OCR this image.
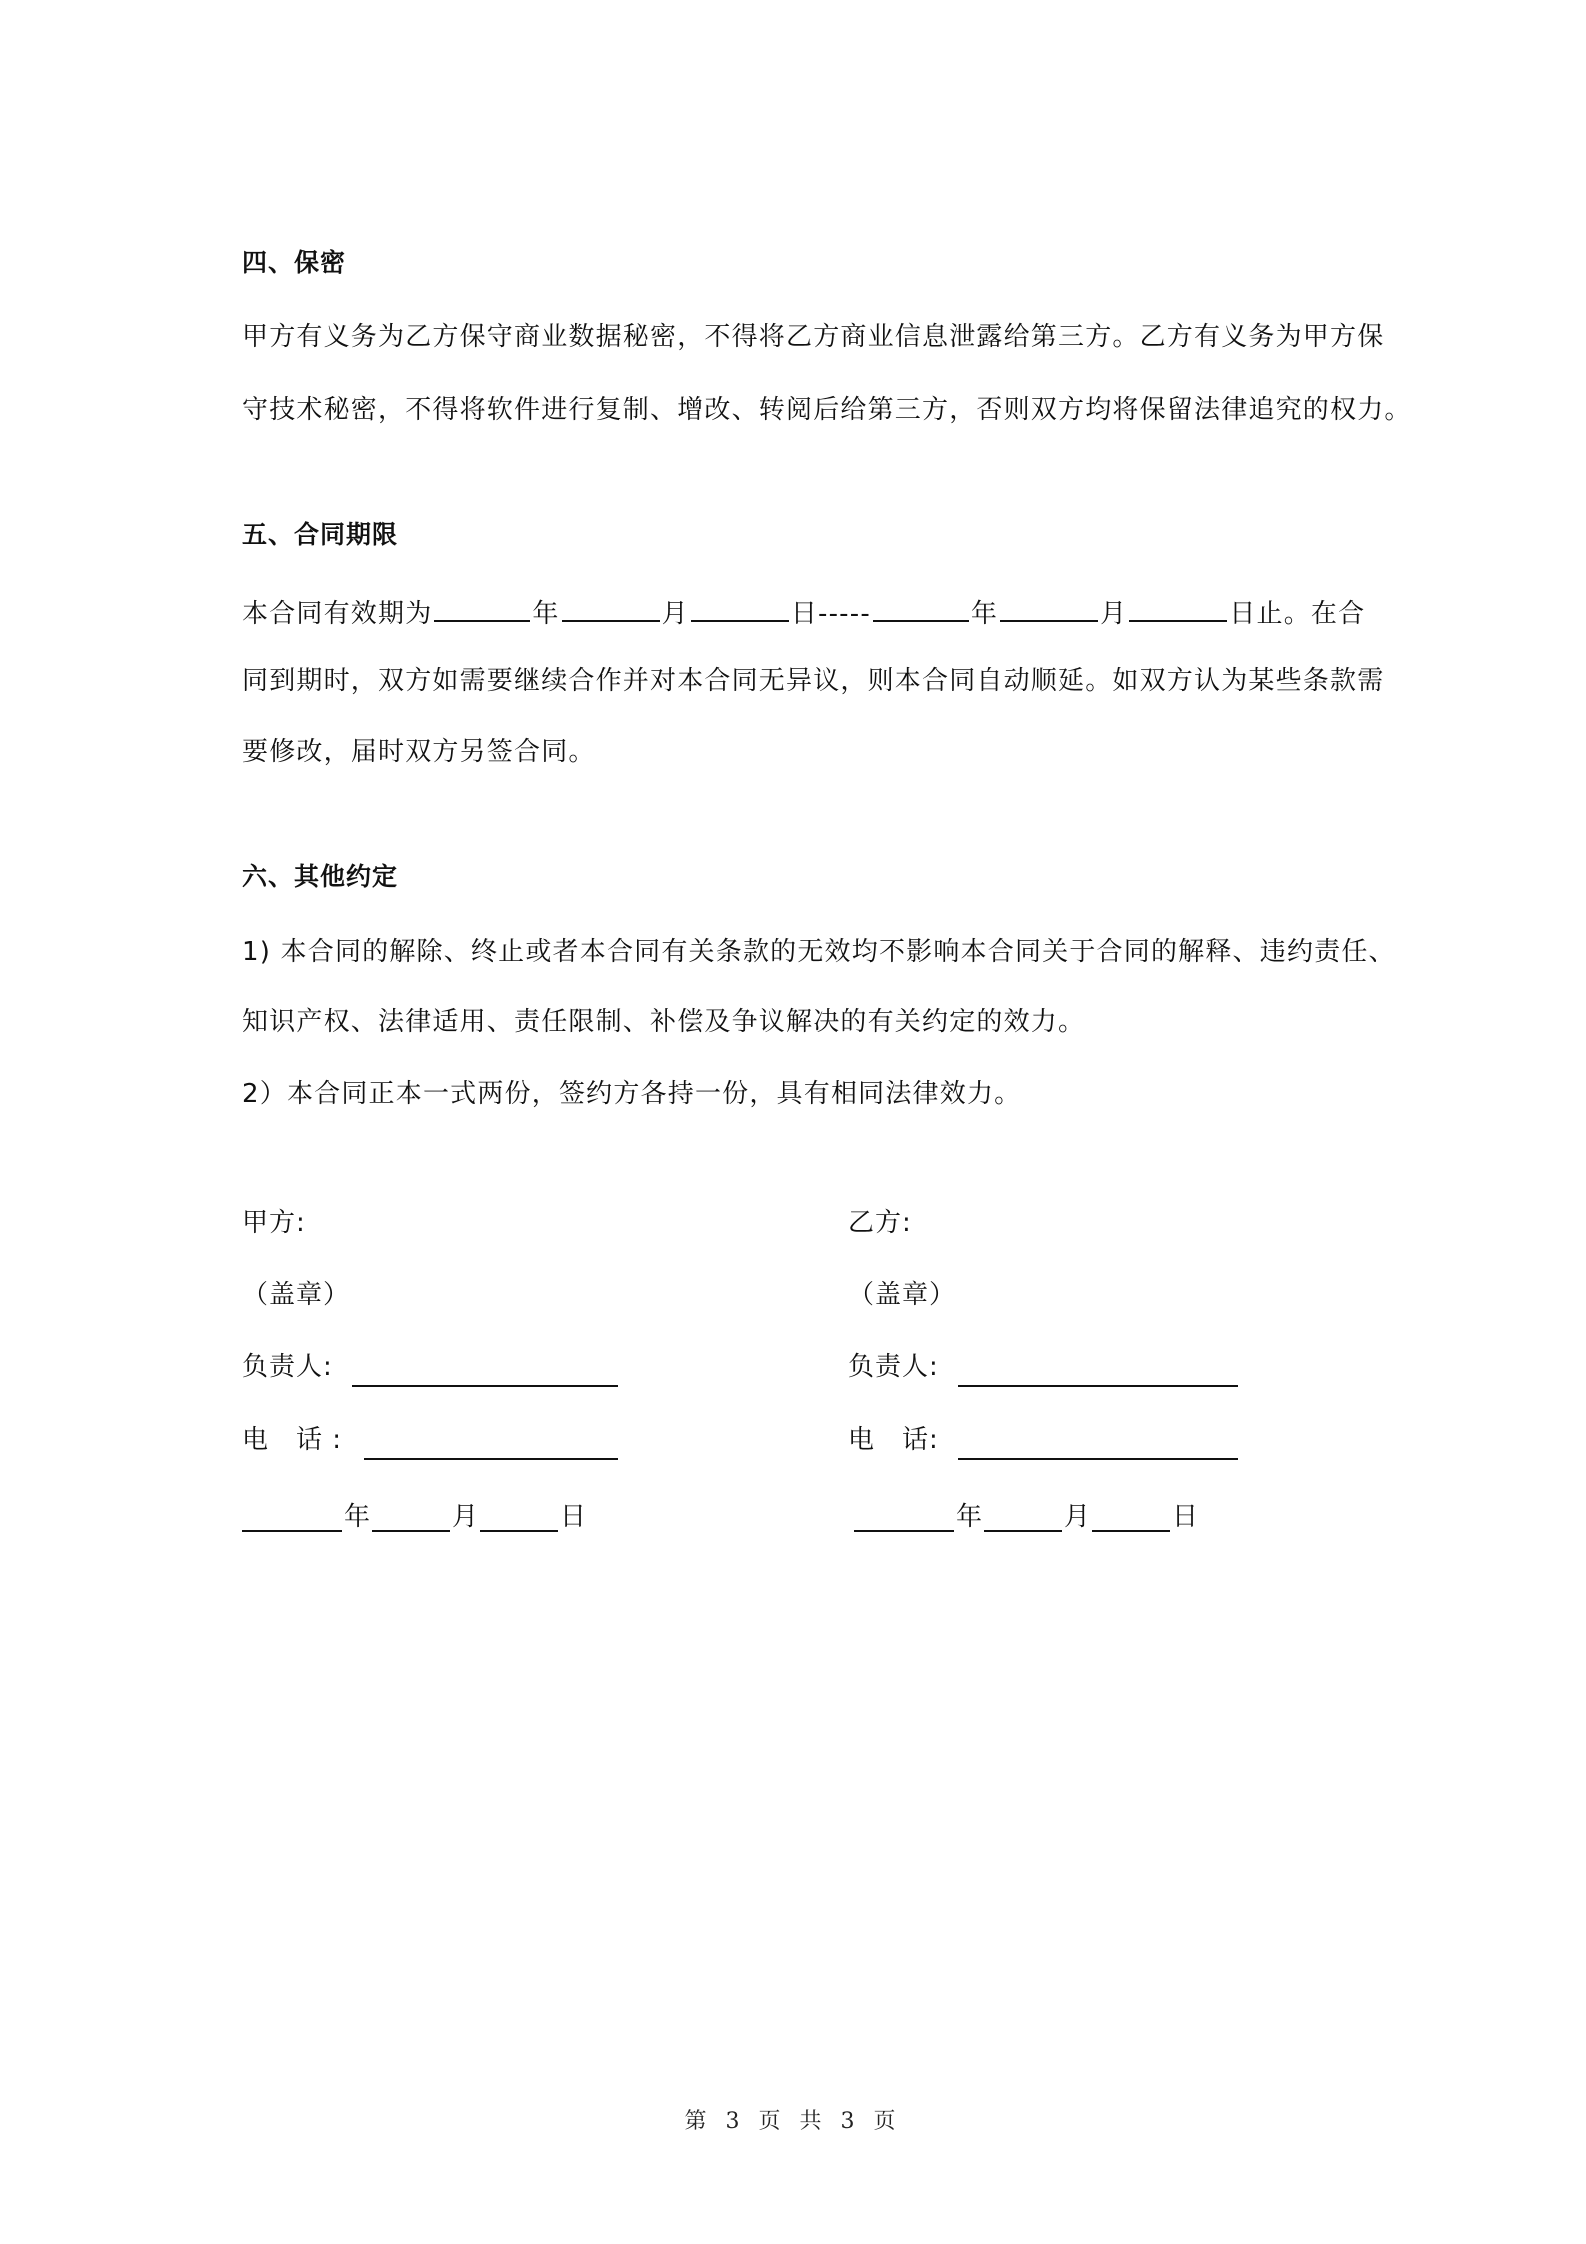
四、保密
甲方有义务为乙方保守商业数据秘密，不得将乙方商业信息泄露给第三方。乙方有义务为甲方保
守技术秘密，不得将软件进行复制、增改、转阅后给第三方，否则双方均将保留法律追究的权力。
五、合同期限
本合同有效期为	年	月	日-----	年	月	日止。在合
同到期时，双方如需要继续合作并对本合同无异议，则本合同自动顺延。如双方认为某些条款需
要修改，届时双方另签合同。
六、其他约定
1) 本合同的解除、终止或者本合同有关条款的无效均不影响本合同关于合同的解释、违约责任、
知识产权、法律适用、责任限制、补偿及争议解决的有关约定的效力。
2）本合同正本一式两份，签约方各持一份，具有相同法律效力。
甲方:
（盖章）
负责人:
电　话 :
年	月	日
乙方:
（盖章）
负责人:
电　话:
年	月	日
第 3 页 共 3 页
